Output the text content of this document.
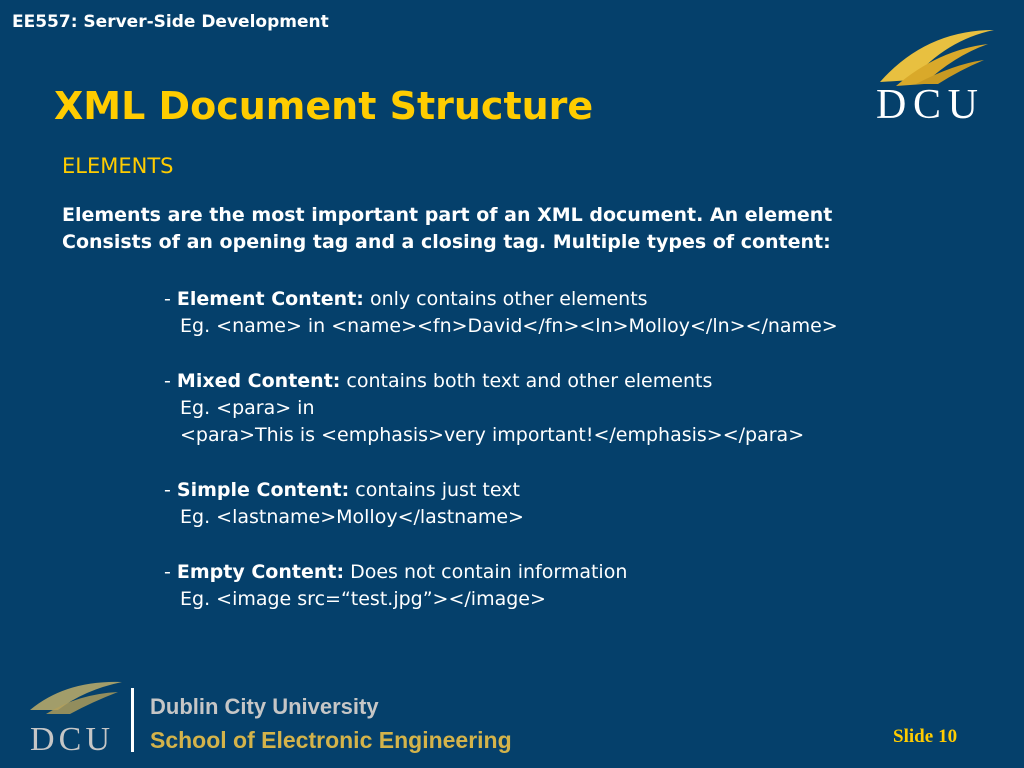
EE557: Server-Side Development
XML Document Structure	DCU
ELEMENTS

Elements are the most important part of an XML document. An element
Consists of an opening tag and a closing tag. Multiple types of content:

- Element Content: only contains other elements
Eg. <name> in <name><fn>David</fn><ln>Molloy</ln></name>
- Mixed Content: contains both text and other elements
Eg. <para> in
<para>This is <emphasis>very important!</emphasis></para>
- Simple Content: contains just text
Eg. <lastname>Molloy</lastname>
- Empty Content: Does not contain information
Eg. <image src=“test.jpg”></image>
DCU
Dublin City University
School of Electronic Engineering	Slide 10
